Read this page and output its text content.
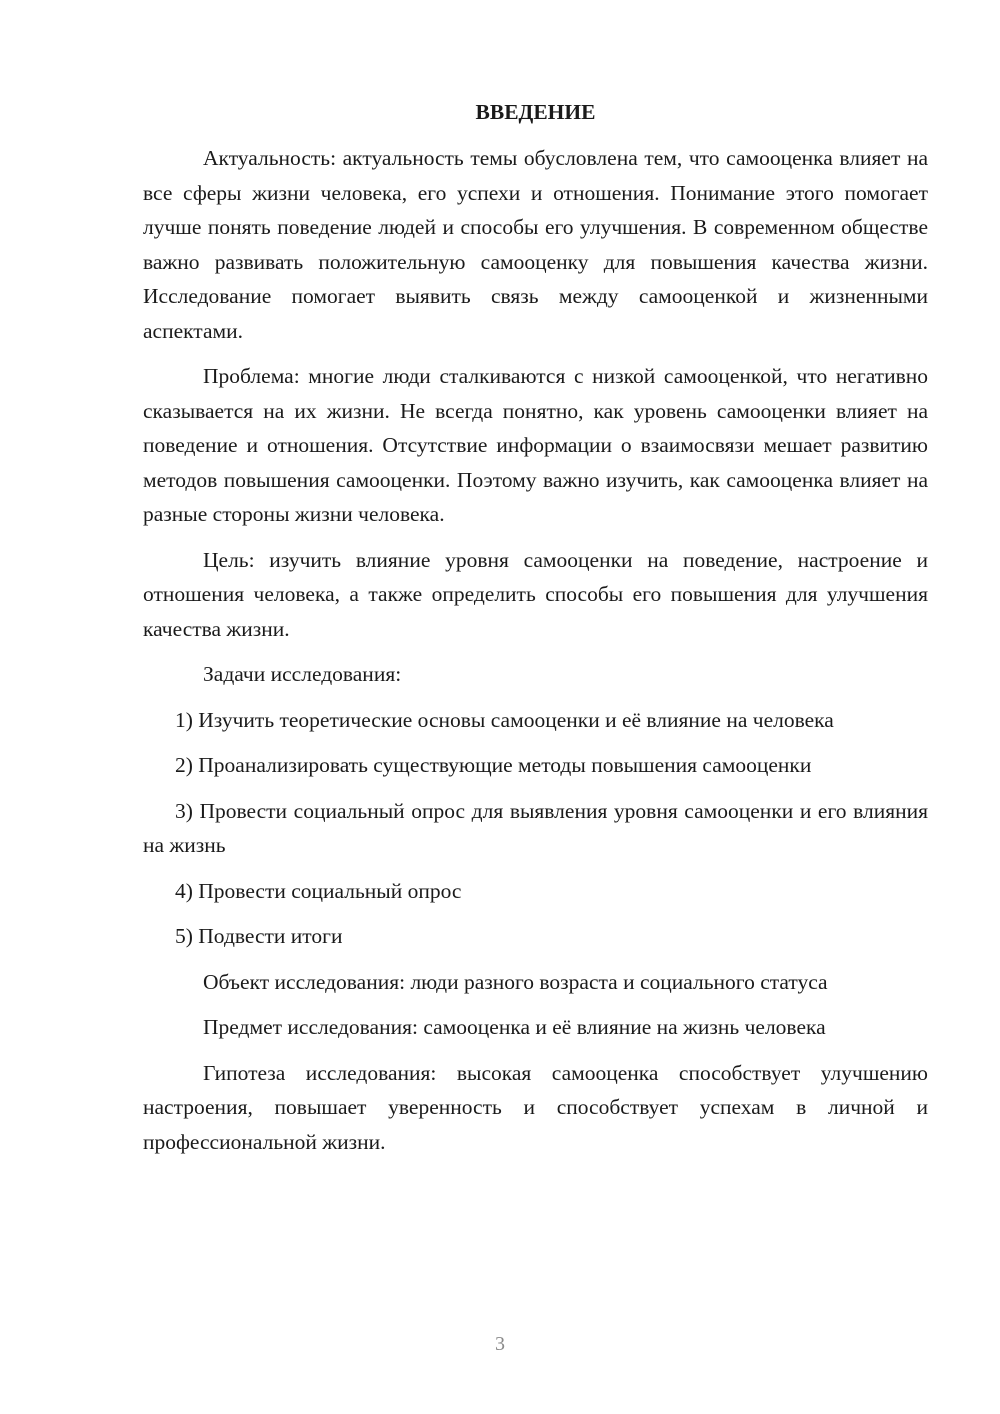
ВВЕДЕНИЕ

Актуальность: актуальность темы обусловлена тем, что самооценка влияет на все сферы жизни человека, его успехи и отношения. Понимание этого помогает лучше понять поведение людей и способы его улучшения. В современном обществе важно развивать положительную самооценку для повышения качества жизни. Исследование помогает выявить связь между самооценкой и жизненными аспектами.

Проблема: многие люди сталкиваются с низкой самооценкой, что негативно сказывается на их жизни. Не всегда понятно, как уровень самооценки влияет на поведение и отношения. Отсутствие информации о взаимосвязи мешает развитию методов повышения самооценки. Поэтому важно изучить, как самооценка влияет на разные стороны жизни человека.

Цель: изучить влияние уровня самооценки на поведение, настроение и отношения человека, а также определить способы его повышения для улучшения качества жизни.

Задачи исследования:

1) Изучить теоретические основы самооценки и её влияние на человека

2) Проанализировать существующие методы повышения самооценки

3) Провести социальный опрос для выявления уровня самооценки и его влияния на жизнь

4) Провести социальный опрос

5) Подвести итоги

Объект исследования: люди разного возраста и социального статуса

Предмет исследования: самооценка и её влияние на жизнь человека

Гипотеза исследования: высокая самооценка способствует улучшению настроения, повышает уверенность и способствует успехам в личной и профессиональной жизни.

3
